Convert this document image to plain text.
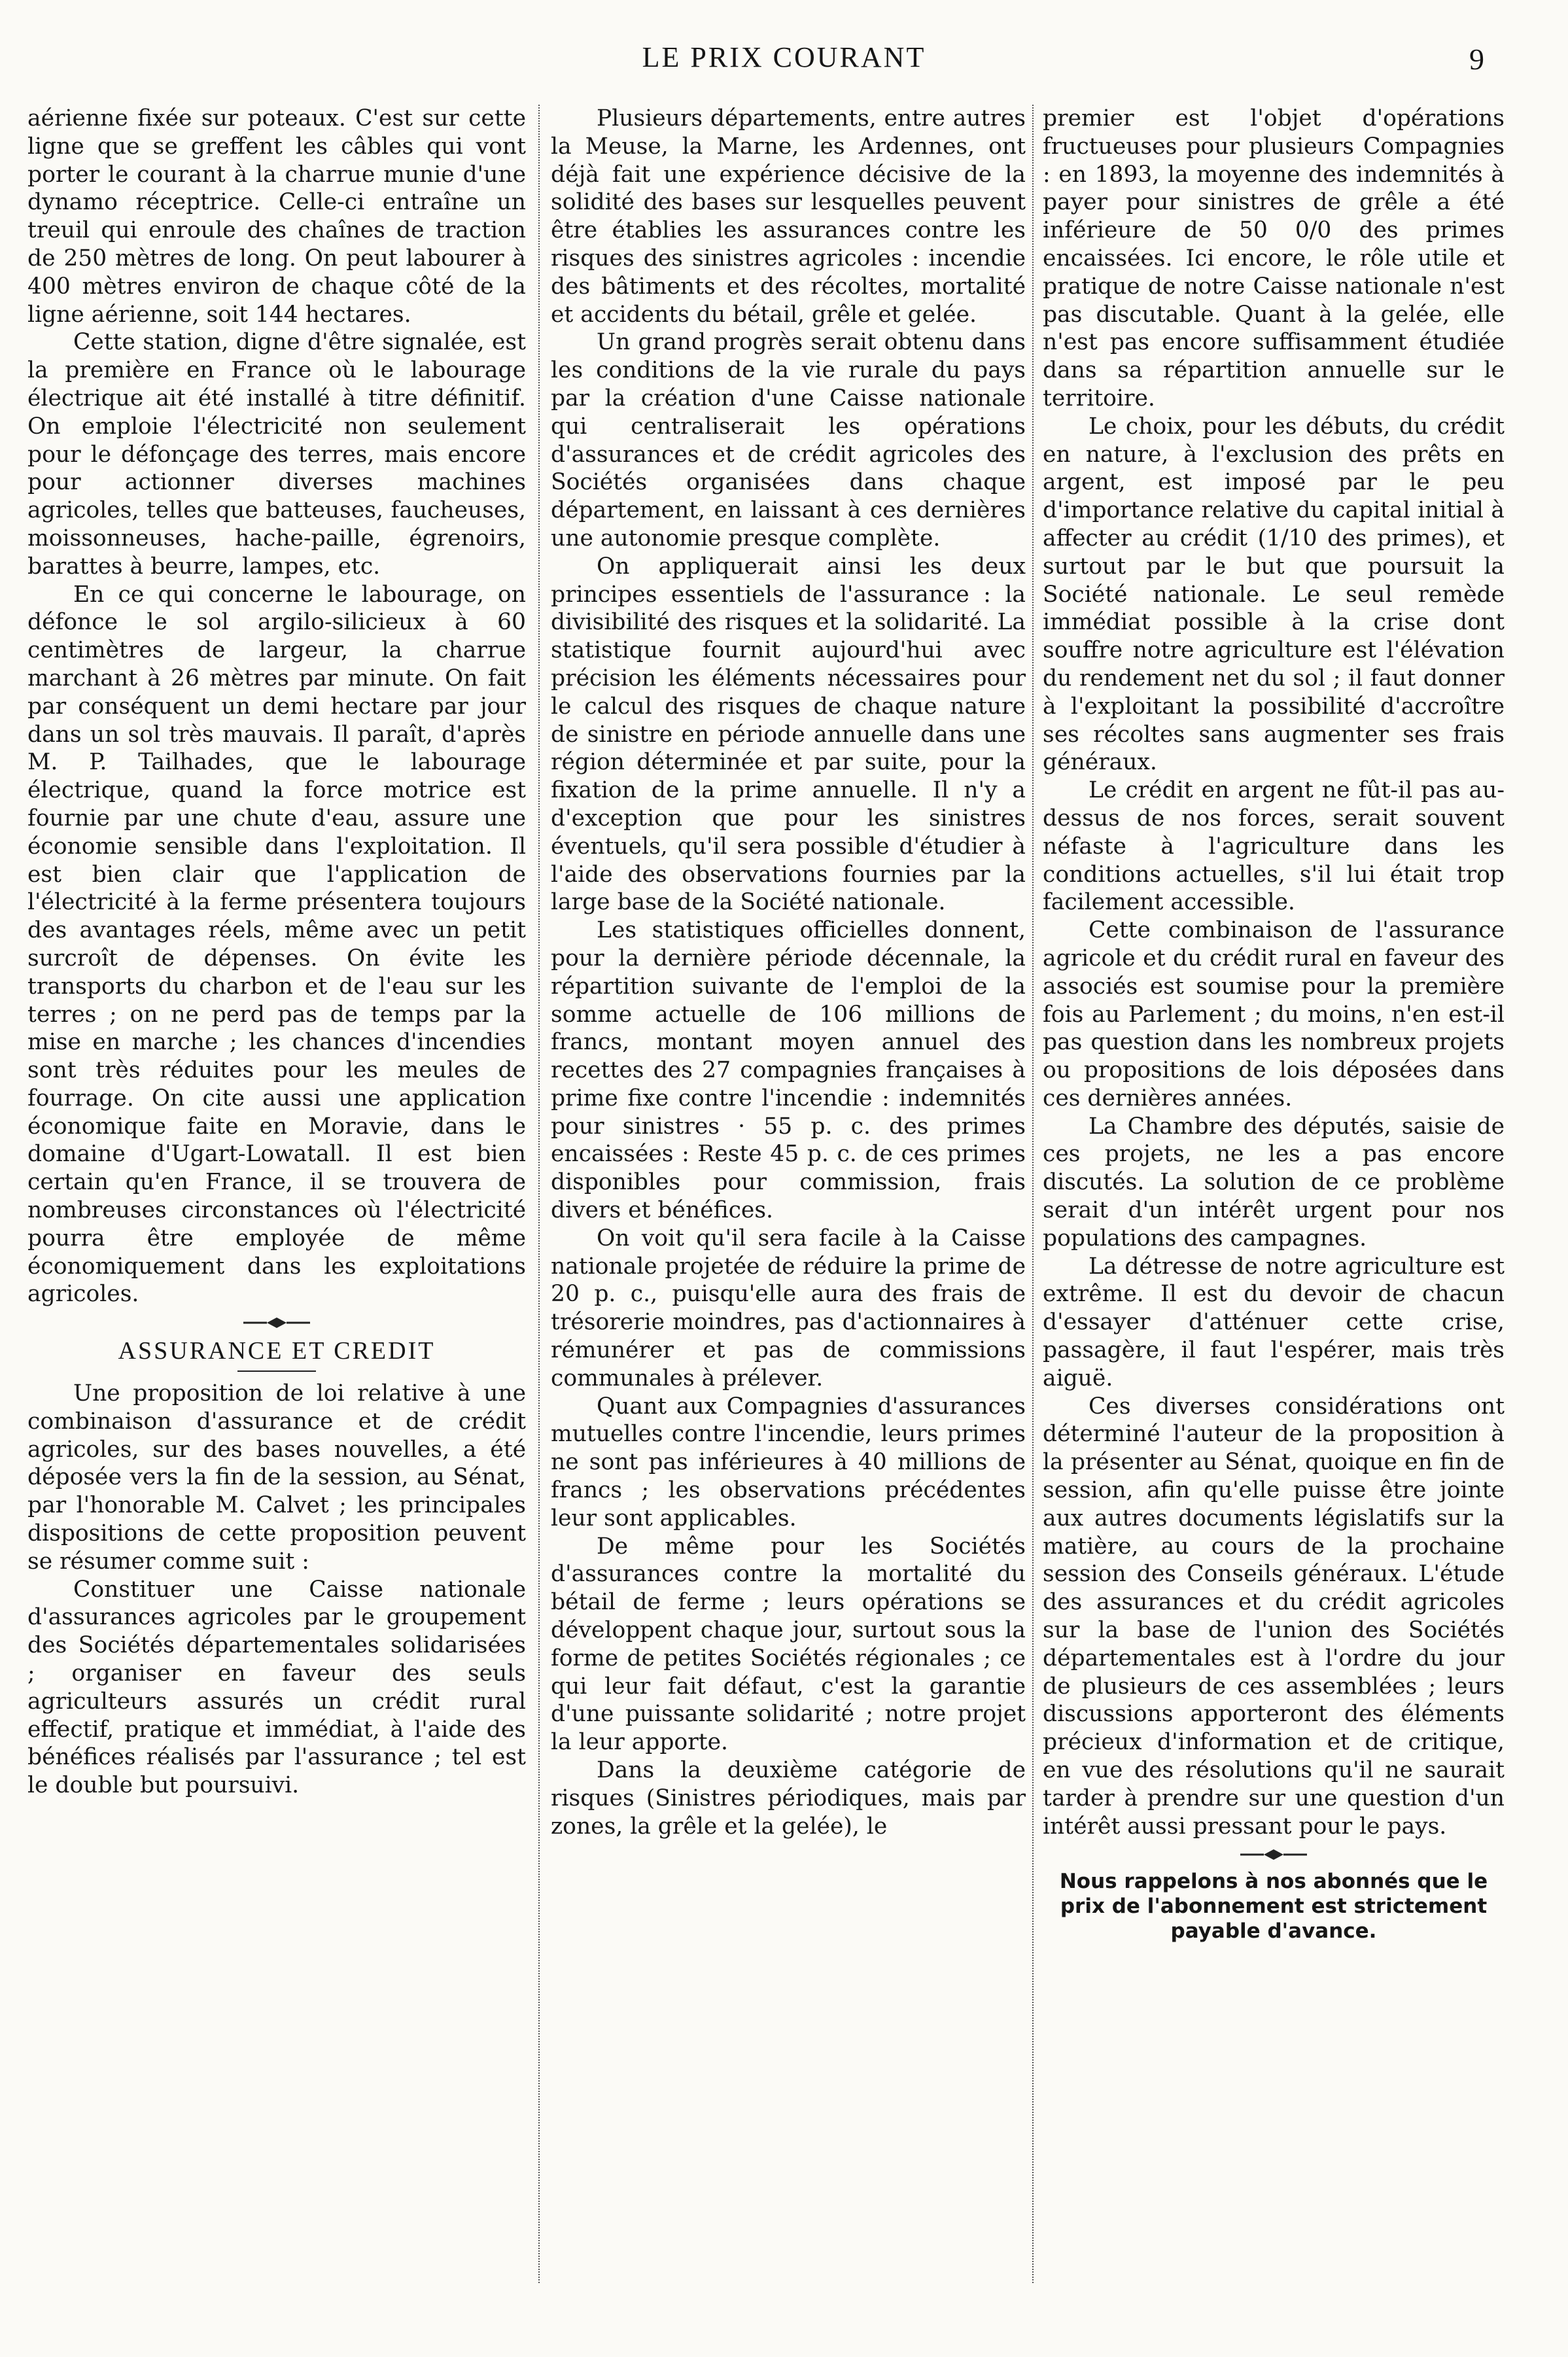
LE PRIX COURANT	9

aérienne fixée sur poteaux. C'est sur cette ligne que se greffent les câbles qui vont porter le courant à la charrue munie d'une dynamo réceptrice. Celle-ci entraîne un treuil qui enroule des chaînes de traction de 250 mètres de long. On peut labourer à 400 mètres environ de chaque côté de la ligne aérienne, soit 144 hectares.

Cette station, digne d'être signalée, est la première en France où le labourage électrique ait été installé à titre définitif. On emploie l'électricité non seulement pour le défonçage des terres, mais encore pour actionner diverses machines agricoles, telles que batteuses, faucheuses, moissonneuses, hache-paille, égrenoirs, barattes à beurre, lampes, etc.

En ce qui concerne le labourage, on défonce le sol argilo-silicieux à 60 centimètres de largeur, la charrue marchant à 26 mètres par minute. On fait par conséquent un demi hectare par jour dans un sol très mauvais. Il paraît, d'après M. P. Tailhades, que le labourage électrique, quand la force motrice est fournie par une chute d'eau, assure une économie sensible dans l'exploitation. Il est bien clair que l'application de l'électricité à la ferme présentera toujours des avantages réels, même avec un petit surcroît de dépenses. On évite les transports du charbon et de l'eau sur les terres ; on ne perd pas de temps par la mise en marche ; les chances d'incendies sont très réduites pour les meules de fourrage. On cite aussi une application économique faite en Moravie, dans le domaine d'Ugart-Lowatall. Il est bien certain qu'en France, il se trouvera de nombreuses circonstances où l'électricité pourra être employée de même économiquement dans les exploitations agricoles.

ASSURANCE ET CREDIT

Une proposition de loi relative à une combinaison d'assurance et de crédit agricoles, sur des bases nouvelles, a été déposée vers la fin de la session, au Sénat, par l'honorable M. Calvet ; les principales dispositions de cette proposition peuvent se résumer comme suit :

Constituer une Caisse nationale d'assurances agricoles par le groupement des Sociétés départementales solidarisées ; organiser en faveur des seuls agriculteurs assurés un crédit rural effectif, pratique et immédiat, à l'aide des bénéfices réalisés par l'assurance ; tel est le double but poursuivi.

Plusieurs départements, entre autres la Meuse, la Marne, les Ardennes, ont déjà fait une expérience décisive de la solidité des bases sur lesquelles peuvent être établies les assurances contre les risques des sinistres agricoles : incendie des bâtiments et des récoltes, mortalité et accidents du bétail, grêle et gelée.

Un grand progrès serait obtenu dans les conditions de la vie rurale du pays par la création d'une Caisse nationale qui centraliserait les opérations d'assurances et de crédit agricoles des Sociétés organisées dans chaque département, en laissant à ces dernières une autonomie presque complète.

On appliquerait ainsi les deux principes essentiels de l'assurance : la divisibilité des risques et la solidarité. La statistique fournit aujourd'hui avec précision les éléments nécessaires pour le calcul des risques de chaque nature de sinistre en période annuelle dans une région déterminée et par suite, pour la fixation de la prime annuelle. Il n'y a d'exception que pour les sinistres éventuels, qu'il sera possible d'étudier à l'aide des observations fournies par la large base de la Société nationale.

Les statistiques officielles donnent, pour la dernière période décennale, la répartition suivante de l'emploi de la somme actuelle de 106 millions de francs, montant moyen annuel des recettes des 27 compagnies françaises à prime fixe contre l'incendie : indemnités pour sinistres · 55 p. c. des primes encaissées : Reste 45 p. c. de ces primes disponibles pour commission, frais divers et bénéfices.

On voit qu'il sera facile à la Caisse nationale projetée de réduire la prime de 20 p. c., puisqu'elle aura des frais de trésorerie moindres, pas d'actionnaires à rémunérer et pas de commissions communales à prélever.

Quant aux Compagnies d'assurances mutuelles contre l'incendie, leurs primes ne sont pas inférieures à 40 millions de francs ; les observations précédentes leur sont applicables.

De même pour les Sociétés d'assurances contre la mortalité du bétail de ferme ; leurs opérations se développent chaque jour, surtout sous la forme de petites Sociétés régionales ; ce qui leur fait défaut, c'est la garantie d'une puissante solidarité ; notre projet la leur apporte.

Dans la deuxième catégorie de risques (Sinistres périodiques, mais par zones, la grêle et la gelée), le

premier est l'objet d'opérations fructueuses pour plusieurs Compagnies : en 1893, la moyenne des indemnités à payer pour sinistres de grêle a été inférieure de 50 0/0 des primes encaissées. Ici encore, le rôle utile et pratique de notre Caisse nationale n'est pas discutable. Quant à la gelée, elle n'est pas encore suffisamment étudiée dans sa répartition annuelle sur le territoire.

Le choix, pour les débuts, du crédit en nature, à l'exclusion des prêts en argent, est imposé par le peu d'importance relative du capital initial à affecter au crédit (1/10 des primes), et surtout par le but que poursuit la Société nationale. Le seul remède immédiat possible à la crise dont souffre notre agriculture est l'élévation du rendement net du sol ; il faut donner à l'exploitant la possibilité d'accroître ses récoltes sans augmenter ses frais généraux.

Le crédit en argent ne fût-il pas au-dessus de nos forces, serait souvent néfaste à l'agriculture dans les conditions actuelles, s'il lui était trop facilement accessible.

Cette combinaison de l'assurance agricole et du crédit rural en faveur des associés est soumise pour la première fois au Parlement ; du moins, n'en est-il pas question dans les nombreux projets ou propositions de lois déposées dans ces dernières années.

La Chambre des députés, saisie de ces projets, ne les a pas encore discutés. La solution de ce problème serait d'un intérêt urgent pour nos populations des campagnes.

La détresse de notre agriculture est extrême. Il est du devoir de chacun d'essayer d'atténuer cette crise, passagère, il faut l'espérer, mais très aiguë.

Ces diverses considérations ont déterminé l'auteur de la proposition à la présenter au Sénat, quoique en fin de session, afin qu'elle puisse être jointe aux autres documents législatifs sur la matière, au cours de la prochaine session des Conseils généraux. L'étude des assurances et du crédit agricoles sur la base de l'union des Sociétés départementales est à l'ordre du jour de plusieurs de ces assemblées ; leurs discussions apporteront des éléments précieux d'information et de critique, en vue des résolutions qu'il ne saurait tarder à prendre sur une question d'un intérêt aussi pressant pour le pays.

Nous rappelons à nos abonnés que le prix de l'abonnement est strictement payable d'avance.
